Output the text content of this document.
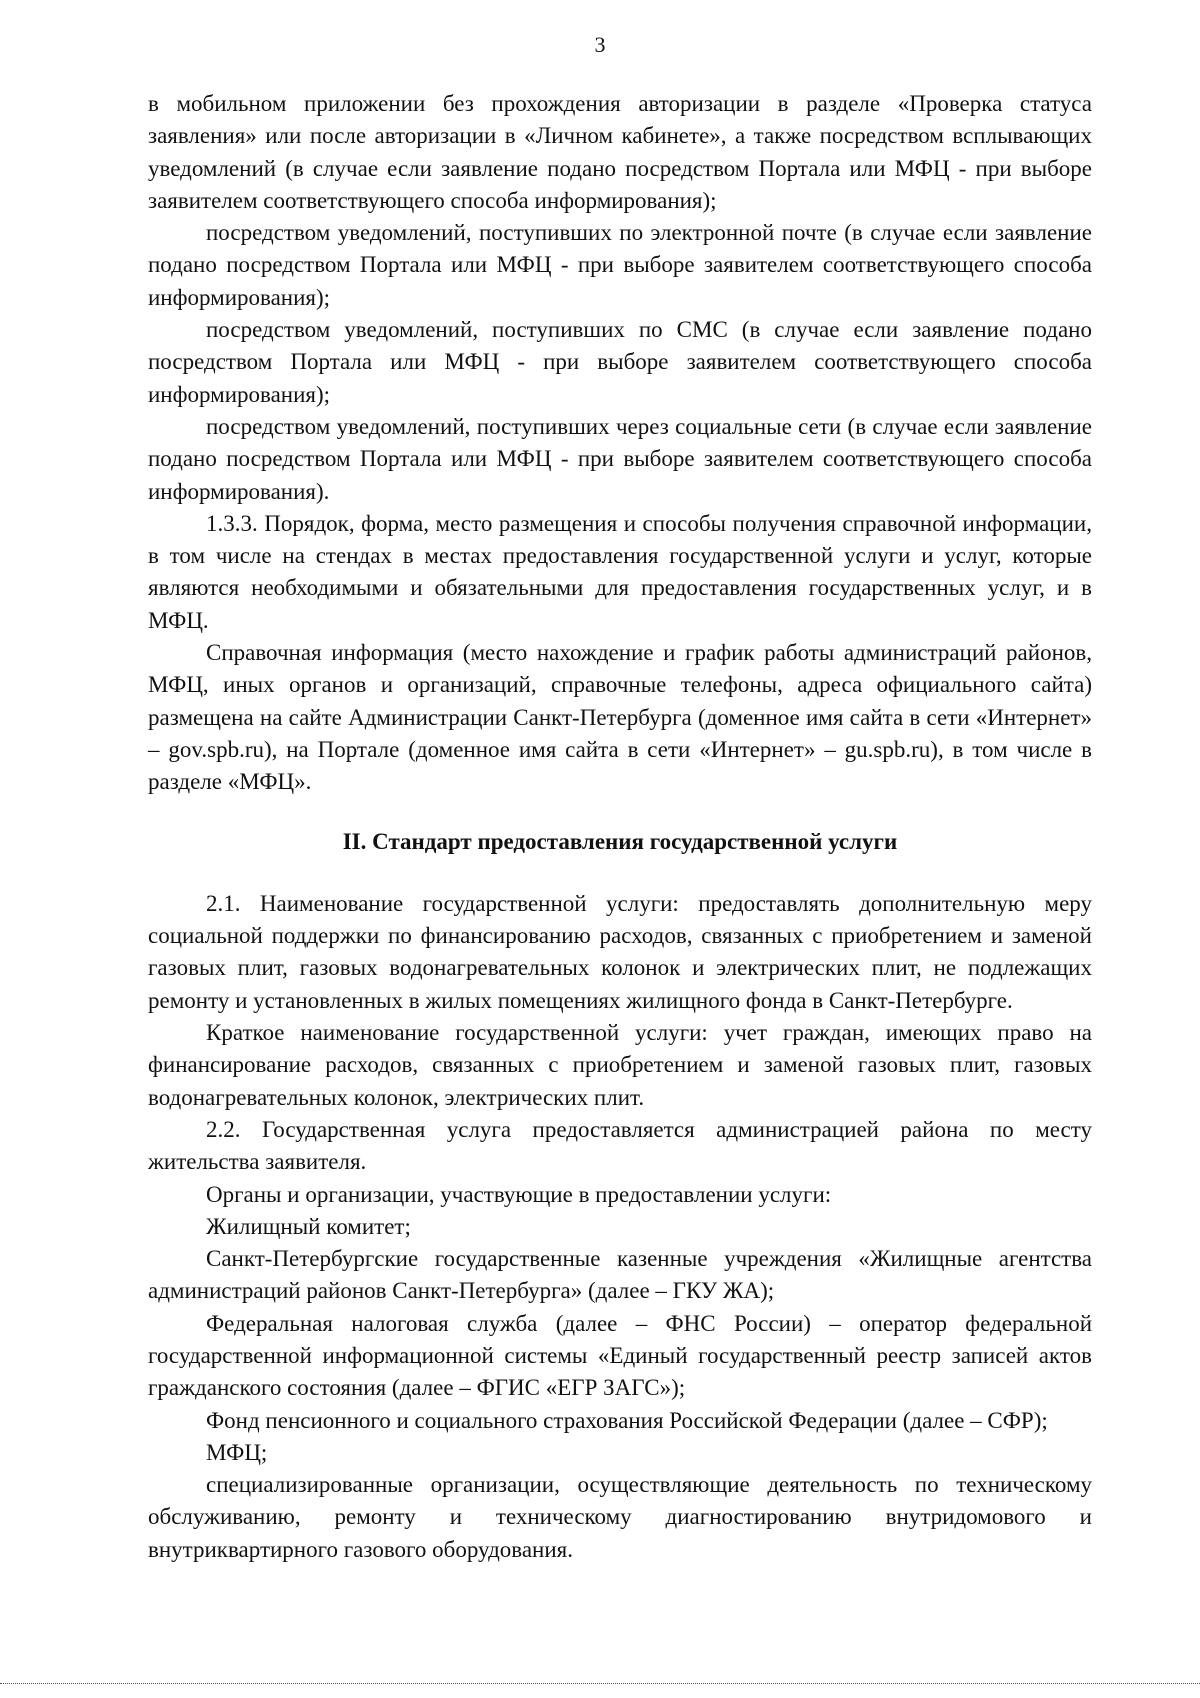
3

в мобильном приложении без прохождения авторизации в разделе «Проверка статуса заявления» или после авторизации в «Личном кабинете», а также посредством всплывающих уведомлений (в случае если заявление подано посредством Портала или МФЦ - при выборе заявителем соответствующего способа информирования);

посредством уведомлений, поступивших по электронной почте (в случае если заявление подано посредством Портала или МФЦ - при выборе заявителем соответствующего способа информирования);

посредством уведомлений, поступивших по СМС (в случае если заявление подано посредством Портала или МФЦ - при выборе заявителем соответствующего способа информирования);

посредством уведомлений, поступивших через социальные сети (в случае если заявление подано посредством Портала или МФЦ - при выборе заявителем соответствующего способа информирования).

1.3.3. Порядок, форма, место размещения и способы получения справочной информации, в том числе на стендах в местах предоставления государственной услуги и услуг, которые являются необходимыми и обязательными для предоставления государственных услуг, и в МФЦ.

Справочная информация (место нахождение и график работы администраций районов, МФЦ, иных органов и организаций, справочные телефоны, адреса официального сайта) размещена на сайте Администрации Санкт-Петербурга (доменное имя сайта в сети «Интернет» – gov.spb.ru), на Портале (доменное имя сайта в сети «Интернет» – gu.spb.ru), в том числе в разделе «МФЦ».

II. Стандарт предоставления государственной услуги

2.1. Наименование государственной услуги: предоставлять дополнительную меру социальной поддержки по финансированию расходов, связанных с приобретением и заменой газовых плит, газовых водонагревательных колонок и электрических плит, не подлежащих ремонту и установленных в жилых помещениях жилищного фонда в Санкт-Петербурге.

Краткое наименование государственной услуги: учет граждан, имеющих право на финансирование расходов, связанных с приобретением и заменой газовых плит, газовых водонагревательных колонок, электрических плит.

2.2. Государственная услуга предоставляется администрацией района по месту жительства заявителя.

Органы и организации, участвующие в предоставлении услуги:

Жилищный комитет;

Санкт-Петербургские государственные казенные учреждения «Жилищные агентства администраций районов Санкт-Петербурга» (далее – ГКУ ЖА);

Федеральная налоговая служба (далее – ФНС России) – оператор федеральной государственной информационной системы «Единый государственный реестр записей актов гражданского состояния (далее – ФГИС «ЕГР ЗАГС»);

Фонд пенсионного и социального страхования Российской Федерации (далее – СФР);

МФЦ;

специализированные организации, осуществляющие деятельность по техническому обслуживанию, ремонту и техническому диагностированию внутридомового и внутриквартирного газового оборудования.
